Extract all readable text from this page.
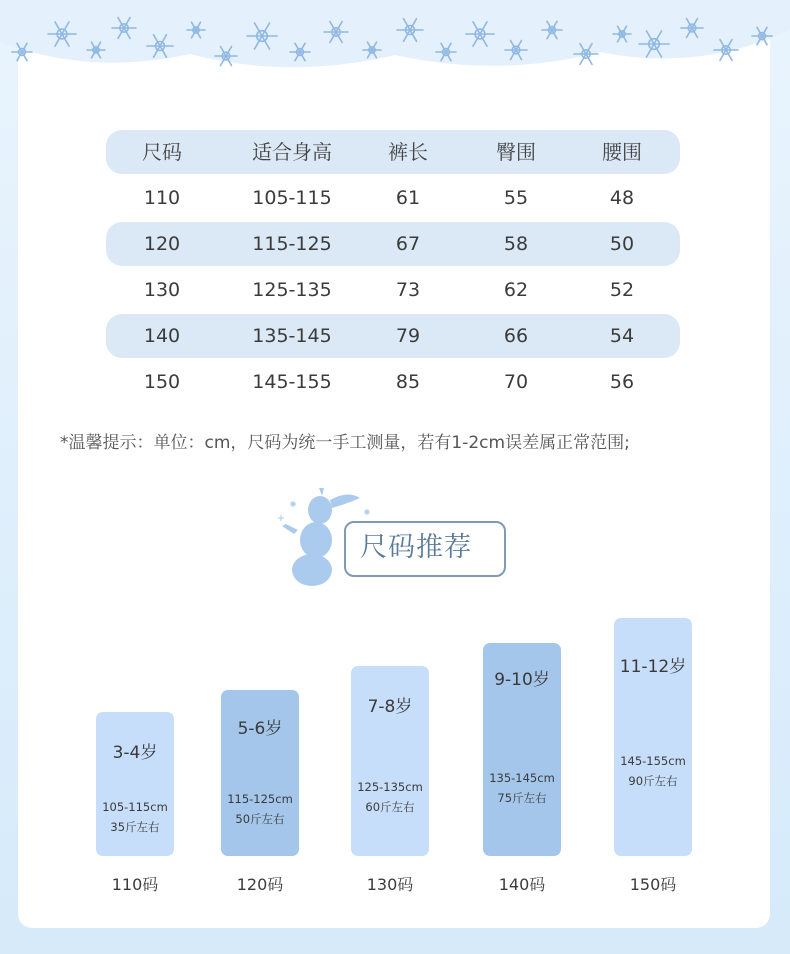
尺码	适合身高	裤长	臀围	腰围
110	105-115	61	55	48
120	115-125	67	58	50
130	125-135	73	62	52
140	135-145	79	66	54
150	145-155	85	70	56
*温馨提示：单位：cm，尺码为统一手工测量，若有1-2cm误差属正常范围;
尺码推荐
3-4岁
105-115cm
35斤左右
5-6岁
115-125cm
50斤左右
7-8岁
125-135cm
60斤左右
9-10岁
135-145cm
75斤左右
11-12岁
145-155cm
90斤左右
110码	120码	130码	140码	150码
